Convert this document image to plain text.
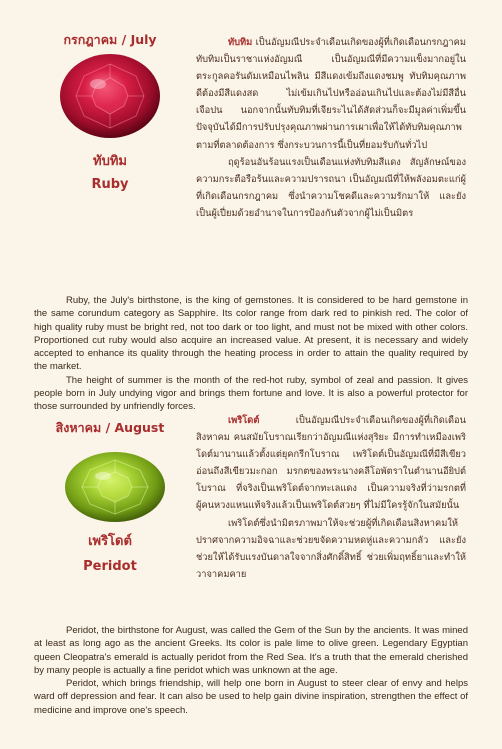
กรกฎาคม / July
ทับทิม
Ruby

ทับทิม เป็นอัญมณีประจำเดือนเกิดของผู้ที่เกิดเดือนกรกฎาคม ทับทิมเป็นราชาแห่งอัญมณี เป็นอัญมณีที่มีความแข็งมากอยู่ในตระกูลคอรันดัมเหมือนไพลิน มีสีแดงเข้มถึงแดงชมพู ทับทิมคุณภาพดีต้องมีสีแดงสด ไม่เข้มเกินไปหรืออ่อนเกินไปและต้องไม่มีสีอื่นเจือปน นอกจากนั้นทับทิมที่เจียระไนได้สัดส่วนก็จะมีมูลค่าเพิ่มขึ้น ปัจจุบันได้มีการปรับปรุงคุณภาพผ่านการเผาเพื่อให้ได้ทับทิมคุณภาพตามที่ตลาดต้องการ ซึ่งกระบวนการนี้เป็นที่ยอมรับกันทั่วไป

ฤดูร้อนอันร้อนแรงเป็นเดือนแห่งทับทิมสีแดง สัญลักษณ์ของความกระตือรือร้นและความปรารถนา เป็นอัญมณีที่ให้พลังอมตะแก่ผู้ที่เกิดเดือนกรกฎาคม ซึ่งนำความโชคดีและความรักมาให้ และยังเป็นผู้เปี่ยมด้วยอำนาจในการป้องกันตัวจากผู้ไม่เป็นมิตร

Ruby, the July's birthstone, is the king of gemstones. It is considered to be hard gemstone in the same corundum category as Sapphire. Its color range from dark red to pinkish red. The color of high quality ruby must be bright red, not too dark or too light, and must not be mixed with other colors. Proportioned cut ruby would also acquire an increased value. At present, it is necessary and widely accepted to enhance its quality through the heating process in order to attain the quality required by the market.

The height of summer is the month of the red-hot ruby, symbol of zeal and passion. It gives people born in July undying vigor and brings them fortune and love. It is also a powerful protector for those surrounded by unfriendly forces.

สิงหาคม / August
เพริโดต์
Peridot

เพริโดต์	เป็นอัญมณีประจำเดือนเกิดของผู้ที่เกิดเดือนสิงหาคม คนสมัยโบราณเรียกว่าอัญมณีแห่งสุริยะ มีการทำเหมืองเพริโดต์มานานแล้วตั้งแต่ยุคกรีกโบราณ เพริโดต์เป็นอัญมณีที่มีสีเขียวอ่อนถึงสีเขียวมะกอก มรกตของพระนางคลีโอพัตราในตำนานอียิปต์โบราณ ที่จริงเป็นเพริโดต์จากทะเลแดง เป็นความจริงที่ว่ามรกตที่ผู้คนหวงแหนแท้จริงแล้วเป็นเพริโดต์สวยๆ ที่ไม่มีใครรู้จักในสมัยนั้น

เพริโดต์ซึ่งนำมิตรภาพมาให้จะช่วยผู้ที่เกิดเดือนสิงหาคมให้ปราศจากความอิจฉาและช่วยขจัดความหดหู่และความกลัว และยังช่วยให้ได้รับแรงบันดาลใจจากสิ่งศักดิ์สิทธิ์ ช่วยเพิ่มฤทธิ์ยาและทำให้วาจาคมคาย

Peridot, the birthstone for August, was called the Gem of the Sun by the ancients. It was mined at least as long ago as the ancient Greeks. Its color is pale lime to olive green. Legendary Egyptian queen Cleopatra's emerald is actually peridot from the Red Sea. It's a truth that the emerald cherished by many people is actually a fine peridot which was unknown at the age.

Peridot, which brings friendship, will help one born in August to steer clear of envy and helps ward off depression and fear. It can also be used to help gain divine inspiration, strengthen the effect of medicine and improve one's speech.
